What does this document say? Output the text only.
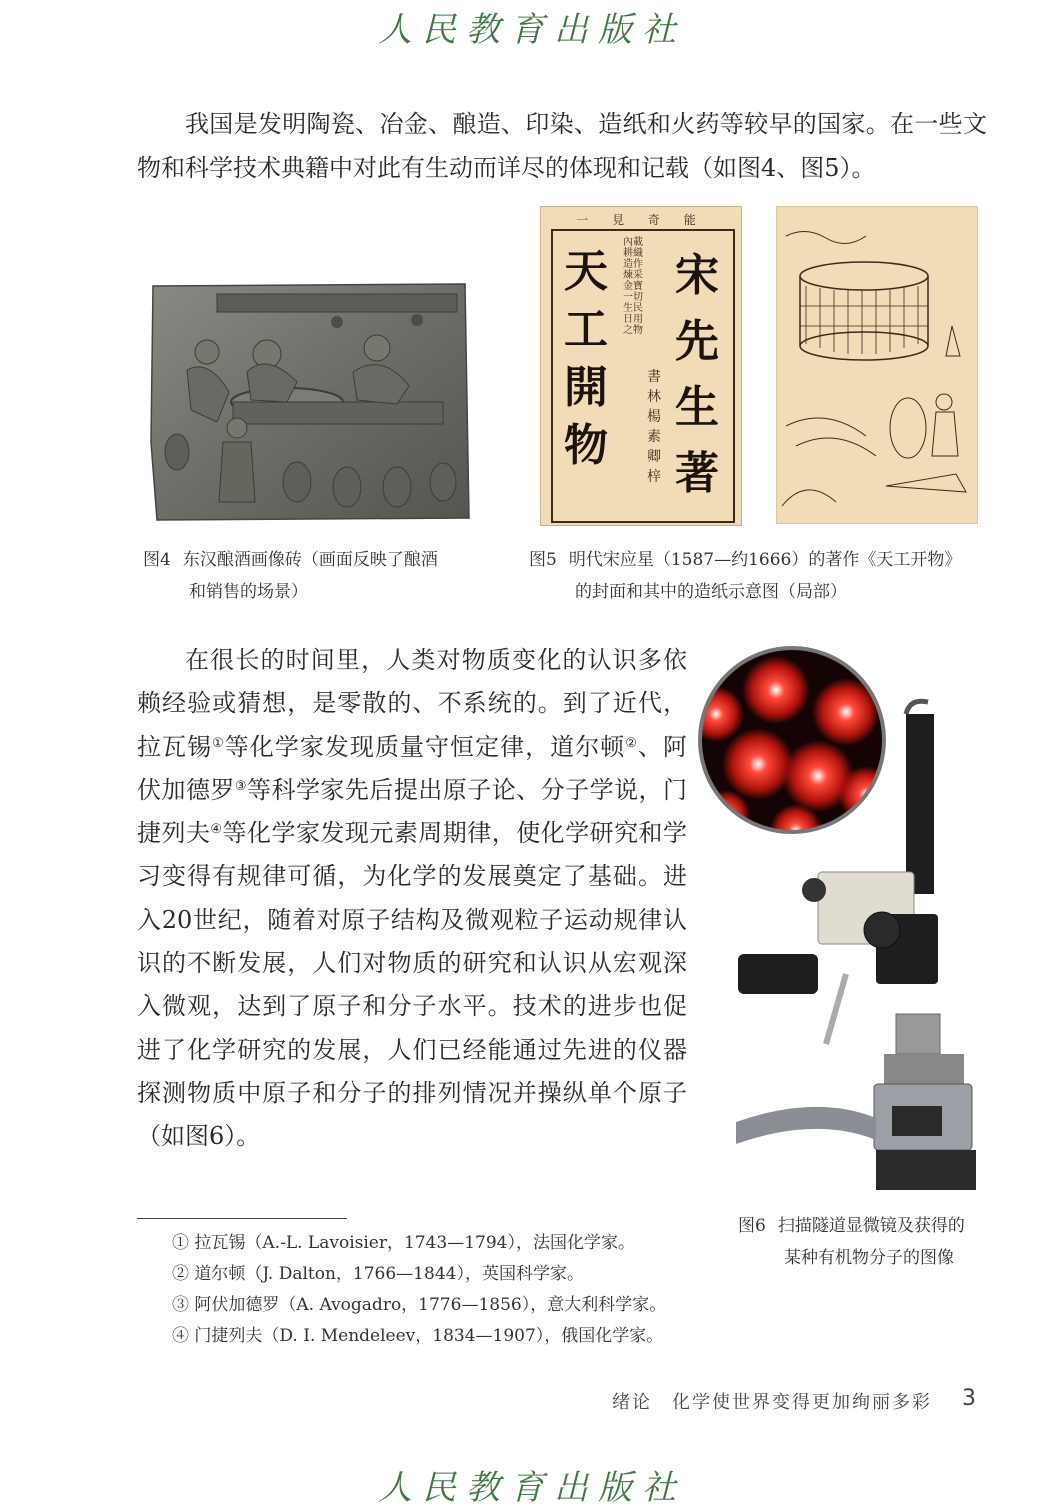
人民教育出版社

我国是发明陶瓷、冶金、酿造、印染、造纸和火药等较早的国家。在一些文物和科学技术典籍中对此有生动而详尽的体现和记载（如图4、图5）。

一 見 奇 能
天工開物
內載耕織造作煉采金寶一切生民日用之物
書林楊素卿梓
宋先生著
图4 东汉酿酒画像砖（画面反映了酿酒
和销售的场景）
图5 明代宋应星（1587—约1666）的著作《天工开物》
的封面和其中的造纸示意图（局部）

在很长的时间里，人类对物质变化的认识多依赖经验或猜想，是零散的、不系统的。到了近代，拉瓦锡①等化学家发现质量守恒定律，道尔顿②、阿伏加德罗③等科学家先后提出原子论、分子学说，门捷列夫④等化学家发现元素周期律，使化学研究和学习变得有规律可循，为化学的发展奠定了基础。进入20世纪，随着对原子结构及微观粒子运动规律认识的不断发展，人们对物质的研究和认识从宏观深入微观，达到了原子和分子水平。技术的进步也促进了化学研究的发展，人们已经能通过先进的仪器探测物质中原子和分子的排列情况并操纵单个原子（如图6）。

图6 扫描隧道显微镜及获得的
某种有机物分子的图像
① 拉瓦锡（A.-L. Lavoisier，1743—1794），法国化学家。
② 道尔顿（J. Dalton，1766—1844），英国科学家。
③ 阿伏加德罗（A. Avogadro，1776—1856），意大利科学家。
④ 门捷列夫（D. I. Mendeleev，1834—1907），俄国化学家。
绪论　化学使世界变得更加绚丽多彩 3
人民教育出版社
